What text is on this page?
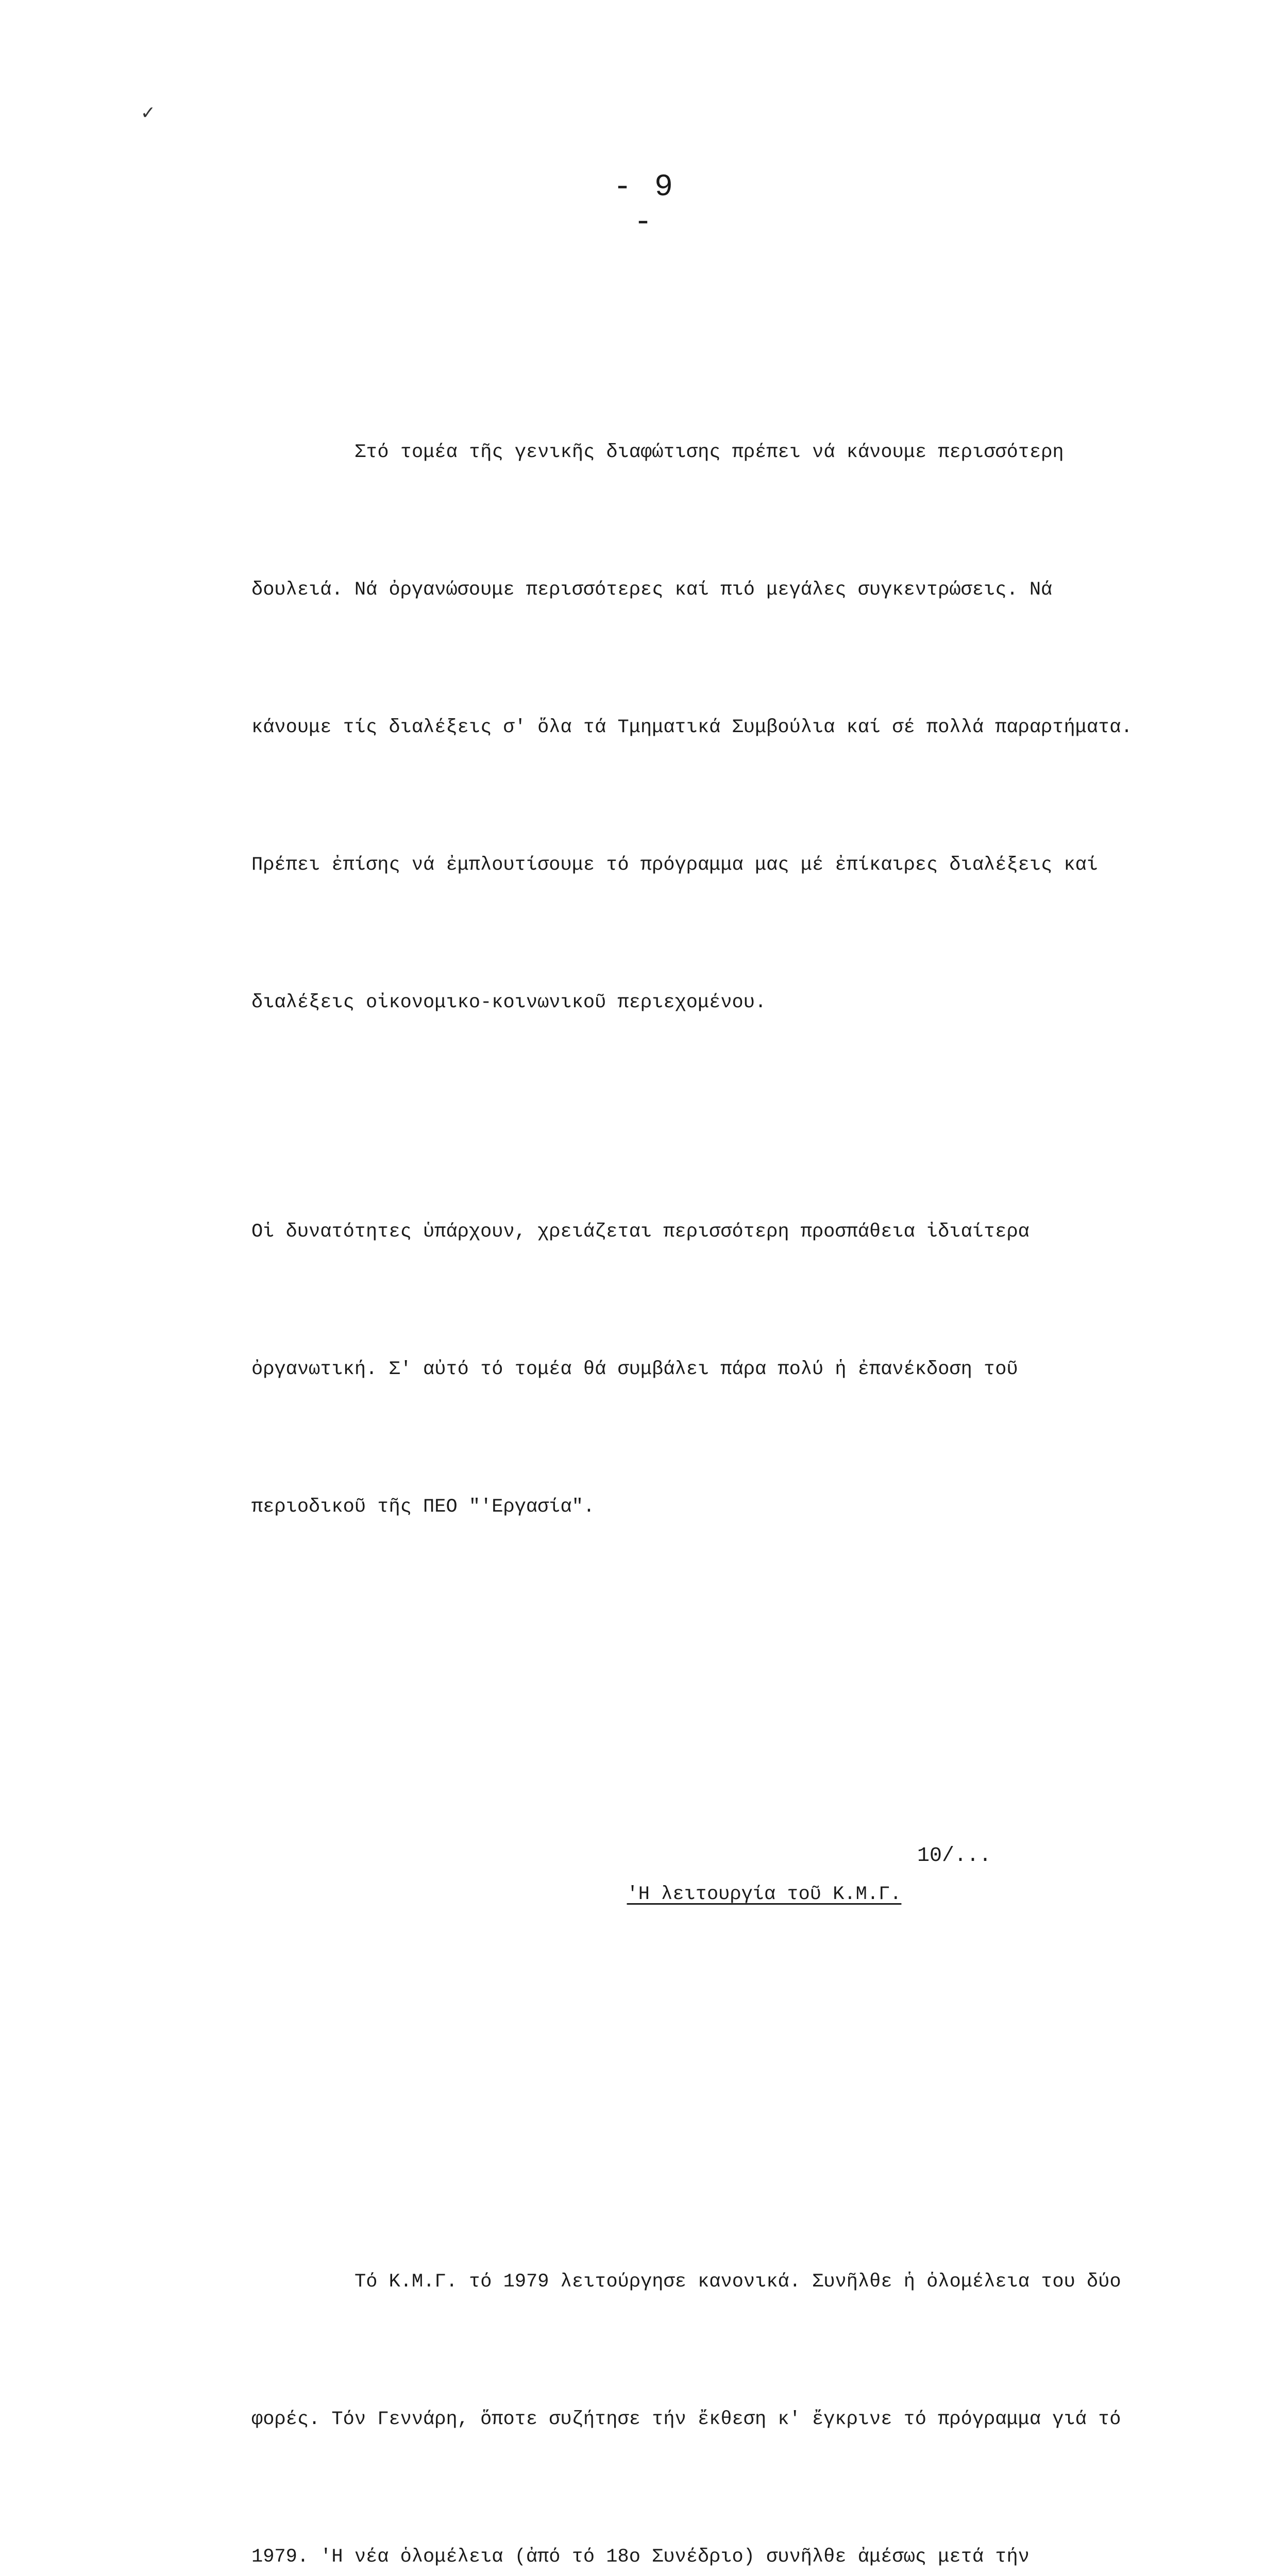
✓
- 9 -

Στό τομέα τῆς γενικῆς διαφώτισης πρέπει νά κάνουμε περισσότερη

δουλειά. Νά ὀργανώσουμε περισσότερες καί πιό μεγάλες συγκεντρώσεις. Νά

κάνουμε τίς διαλέξεις σ' ὅλα τά Τμηματικά Συμβούλια καί σέ πολλά παραρτήματα.

Πρέπει ἐπίσης νά ἐμπλουτίσουμε τό πρόγραμμα μας μέ ἐπίκαιρες διαλέξεις καί

διαλέξεις οἰκονομικο-κοινωνικοῦ περιεχομένου.

Οἱ δυνατότητες ὑπάρχουν, χρειάζεται περισσότερη προσπάθεια ἰδιαίτερα

ὀργανωτική. Σ' αὐτό τό τομέα θά συμβάλει πάρα πολύ ἡ ἐπανέκδοση τοῦ

περιοδικοῦ τῆς ΠΕΟ "'Εργασία".

'Η λειτουργία τοῦ Κ.Μ.Γ.

Τό Κ.Μ.Γ. τό 1979 λειτούργησε κανονικά. Συνῆλθε ἡ ὁλομέλεια του δύο

φορές. Τόν Γεννάρη, ὅποτε συζήτησε τήν ἔκθεση κ' ἔγκρινε τό πρόγραμμα γιά τό

1979. 'Η νέα ὁλομέλεια (ἀπό τό 18ο Συνέδριο) συνῆλθε ἀμέσως μετά τήν

10/...
